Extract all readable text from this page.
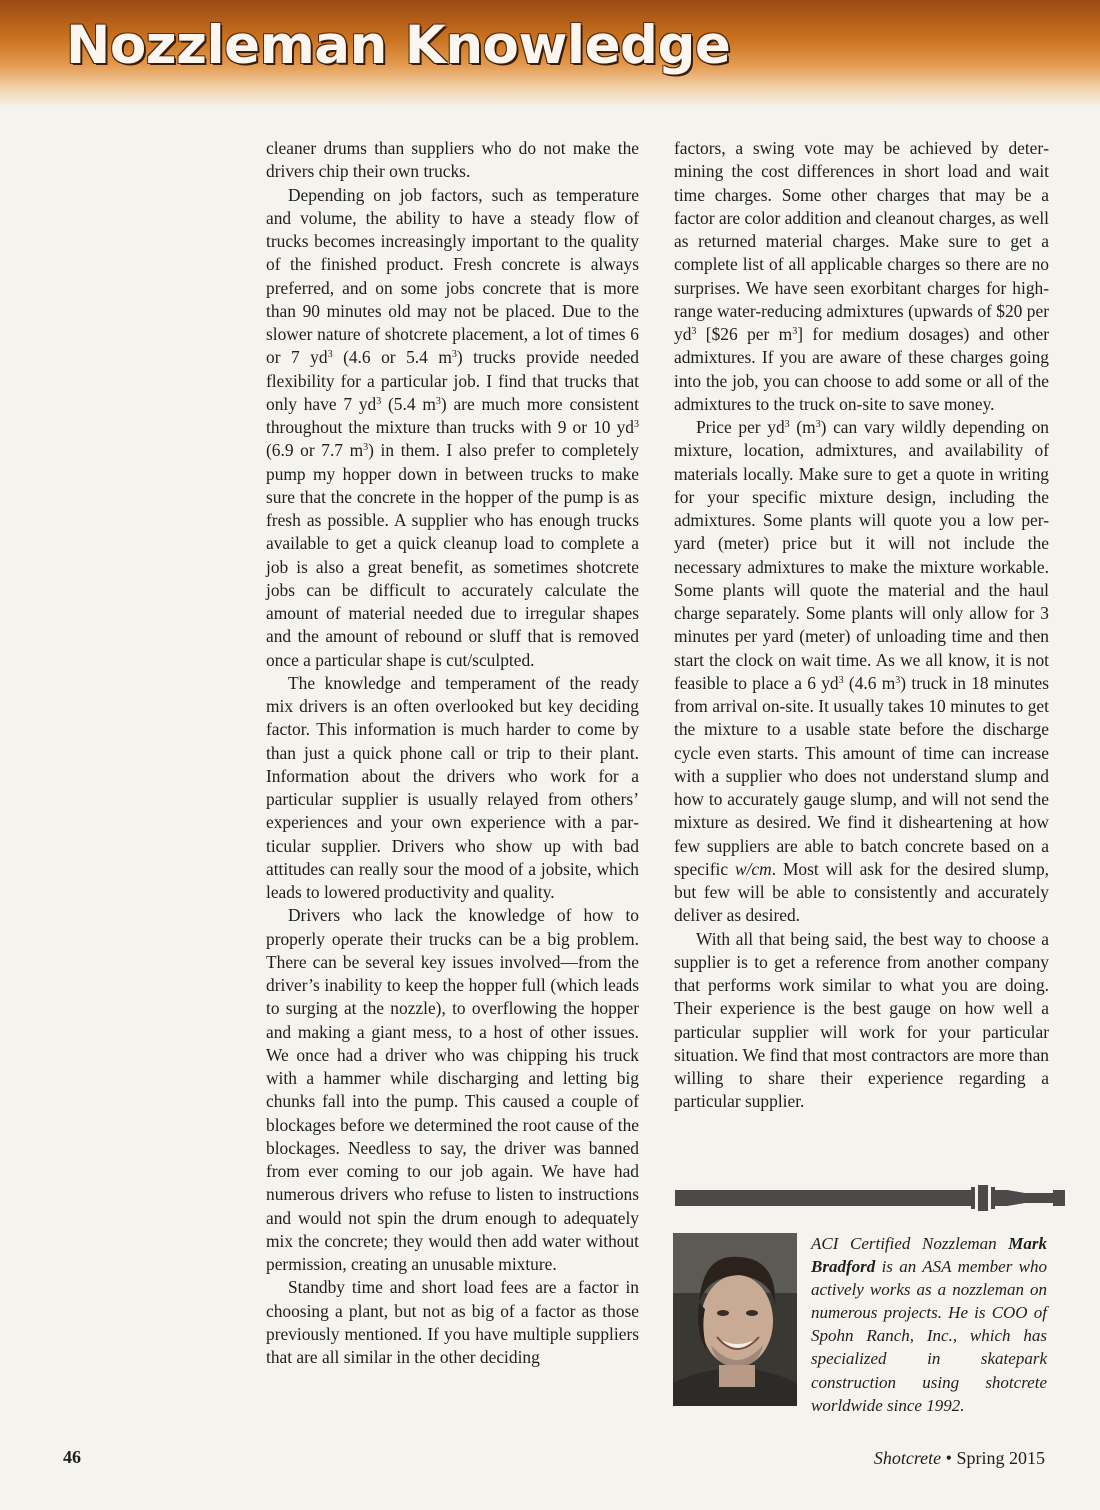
Nozzleman Knowledge

cleaner drums than suppliers who do not make the drivers chip their own trucks.

Depending on job factors, such as temperature and volume, the ability to have a steady flow of trucks becomes increasingly important to the quality of the finished product. Fresh concrete is always preferred, and on some jobs concrete that is more than 90 minutes old may not be placed. Due to the slower nature of shotcrete placement, a lot of times 6 or 7 $yd^3$ (4.6 or 5.4 $m^3$) trucks provide needed flexibility for a particular job. I find that trucks that only have 7 $yd^3$ (5.4 $m^3$) are much more consistent throughout the mixture than trucks with 9 or 10 $yd^3$ (6.9 or 7.7 $m^3$) in them. I also prefer to completely pump my hopper down in between trucks to make sure that the concrete in the hopper of the pump is as fresh as possible. A supplier who has enough trucks available to get a quick cleanup load to complete a job is also a great benefit, as sometimes shotcrete jobs can be difficult to accurately calculate the amount of material needed due to irregular shapes and the amount of rebound or sluff that is removed once a particular shape is cut/sculpted.

The knowledge and temperament of the ready mix drivers is an often overlooked but key deciding factor. This information is much harder to come by than just a quick phone call or trip to their plant. Information about the drivers who work for a particular supplier is usually relayed from others’ experiences and your own experience with a particular supplier. Drivers who show up with bad attitudes can really sour the mood of a jobsite, which leads to lowered productivity and quality.

Drivers who lack the knowledge of how to properly operate their trucks can be a big problem. There can be several key issues involved—from the driver’s inability to keep the hopper full (which leads to surging at the nozzle), to overflowing the hopper and making a giant mess, to a host of other issues. We once had a driver who was chipping his truck with a hammer while discharging and letting big chunks fall into the pump. This caused a couple of blockages before we determined the root cause of the blockages. Needless to say, the driver was banned from ever coming to our job again. We have had numerous drivers who refuse to listen to instructions and would not spin the drum enough to adequately mix the concrete; they would then add water without permission, creating an unusable mixture.

Standby time and short load fees are a factor in choosing a plant, but not as big of a factor as those previously mentioned. If you have multiple suppliers that are all similar in the other deciding

factors, a swing vote may be achieved by determining the cost differences in short load and wait time charges. Some other charges that may be a factor are color addition and cleanout charges, as well as returned material charges. Make sure to get a complete list of all applicable charges so there are no surprises. We have seen exorbitant charges for high-range water-reducing admixtures (upwards of $20 per $yd^3$ [$26 per $m^3$] for medium dosages) and other admixtures. If you are aware of these charges going into the job, you can choose to add some or all of the admixtures to the truck on-site to save money.

Price per $yd^3$ $(m^3)$ can vary wildly depending on mixture, location, admixtures, and availability of materials locally. Make sure to get a quote in writing for your specific mixture design, including the admixtures. Some plants will quote you a low per-yard (meter) price but it will not include the necessary admixtures to make the mixture workable. Some plants will quote the material and the haul charge separately. Some plants will only allow for 3 minutes per yard (meter) of unloading time and then start the clock on wait time. As we all know, it is not feasible to place a 6 $yd^3$ (4.6 $m^3$) truck in 18 minutes from arrival on-site. It usually takes 10 minutes to get the mixture to a usable state before the discharge cycle even starts. This amount of time can increase with a supplier who does not understand slump and how to accurately gauge slump, and will not send the mixture as desired. We find it disheartening at how few suppliers are able to batch concrete based on a specific w/cm. Most will ask for the desired slump, but few will be able to consistently and accurately deliver as desired.

With all that being said, the best way to choose a supplier is to get a reference from another company that performs work similar to what you are doing. Their experience is the best gauge on how well a particular supplier will work for your particular situation. We find that most contractors are more than willing to share their experience regarding a particular supplier.

ACI Certified Nozzleman Mark Bradford is an ASA member who actively works as a nozzleman on numerous projects. He is COO of Spohn Ranch, Inc., which has specialized in skatepark construction using shotcrete worldwide since 1992.
46	Shotcrete • Spring 2015
